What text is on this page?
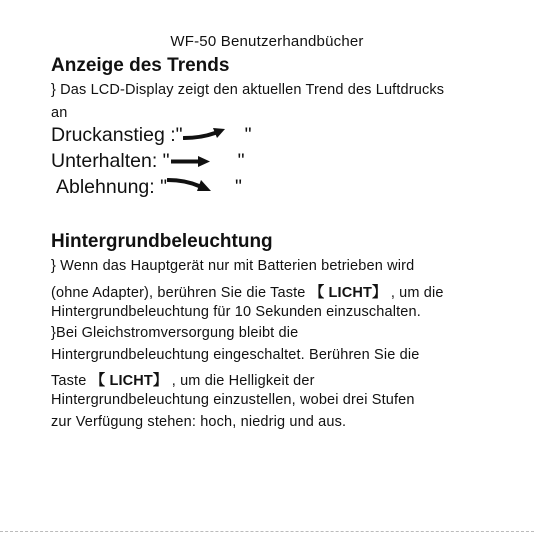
WF-50 Benutzerhandbücher
Anzeige des Trends
} Das LCD-Display zeigt den aktuellen Trend des Luftdrucks
an
Druckanstieg :"	"
Unterhalten: "	"
Ablehnung: "	"
Hintergrundbeleuchtung
} Wenn das Hauptgerät nur mit Batterien betrieben wird
(ohne Adapter), berühren Sie die Taste 【 LICHT】 , um die
Hintergrundbeleuchtung für 10 Sekunden einzuschalten.
}Bei Gleichstromversorgung bleibt die
Hintergrundbeleuchtung eingeschaltet. Berühren Sie die
Taste 【 LICHT】 , um die Helligkeit der
Hintergrundbeleuchtung einzustellen, wobei drei Stufen
zur Verfügung stehen: hoch, niedrig und aus.
